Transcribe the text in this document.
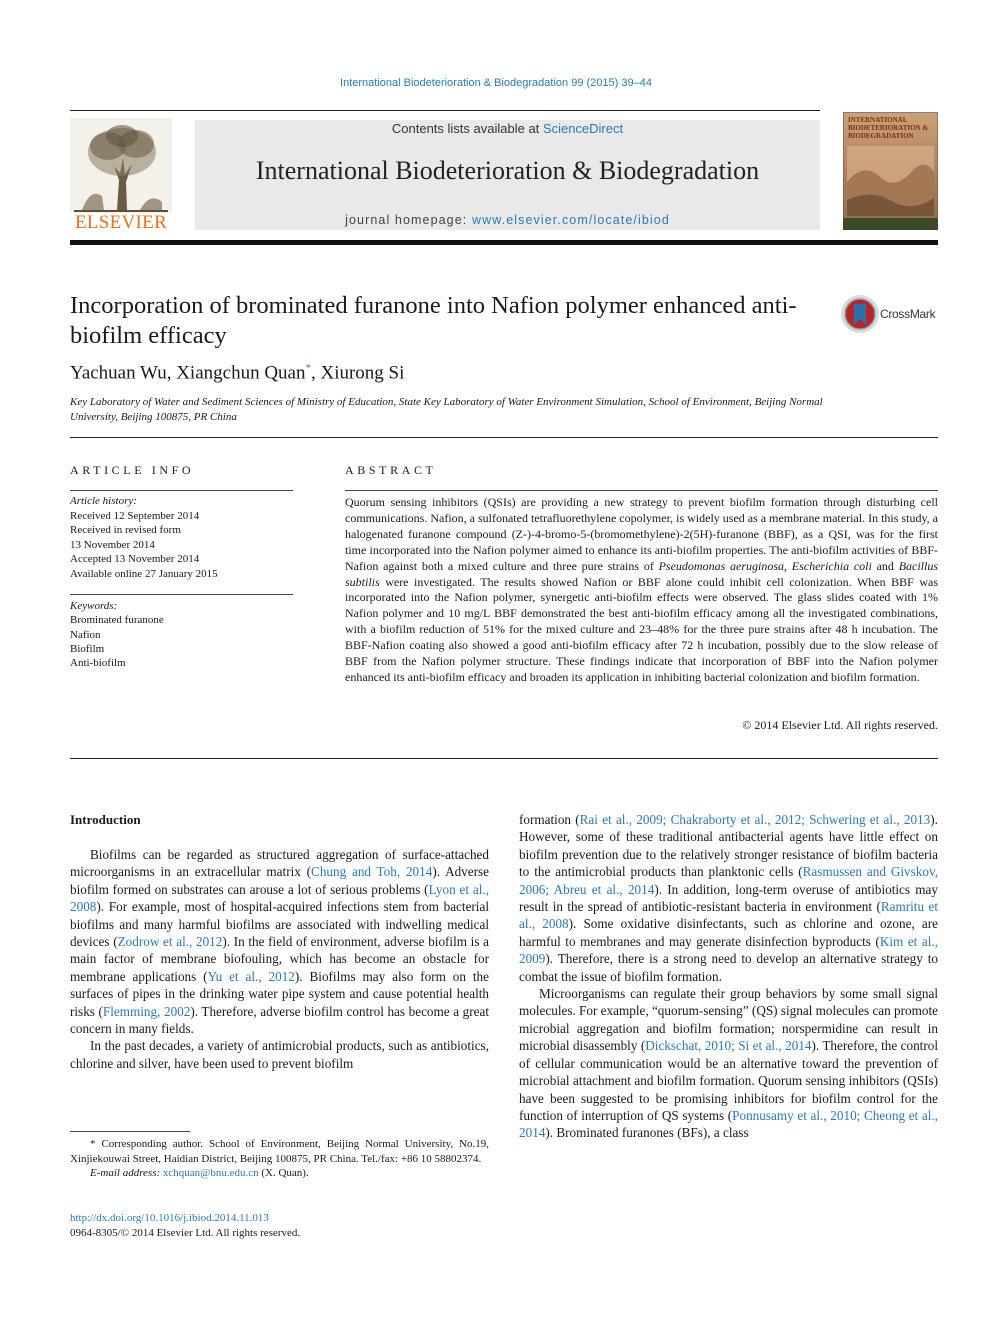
International Biodeterioration & Biodegradation 99 (2015) 39–44
ELSEVIER
Contents lists available at ScienceDirect
International Biodeterioration & Biodegradation
journal homepage: www.elsevier.com/locate/ibiod
INTERNATIONAL BIODETERIORATION & BIODEGRADATION
Incorporation of brominated furanone into Nafion polymer enhanced anti-biofilm efficacy
CrossMark
Yachuan Wu, Xiangchun Quan*, Xiurong Si
Key Laboratory of Water and Sediment Sciences of Ministry of Education, State Key Laboratory of Water Environment Simulation, School of Environment, Beijing Normal University, Beijing 100875, PR China
ARTICLE INFO
Article history:
Received 12 September 2014
Received in revised form
13 November 2014
Accepted 13 November 2014
Available online 27 January 2015
Keywords:
Brominated furanone
Nafion
Biofilm
Anti-biofilm
ABSTRACT
Quorum sensing inhibitors (QSIs) are providing a new strategy to prevent biofilm formation through disturbing cell communications. Nafion, a sulfonated tetrafluorethylene copolymer, is widely used as a membrane material. In this study, a halogenated furanone compound (Z-)-4-bromo-5-(bromomethylene)-2(5H)-furanone (BBF), as a QSI, was for the first time incorporated into the Nafion polymer aimed to enhance its anti-biofilm properties. The anti-biofilm activities of BBF-Nafion against both a mixed culture and three pure strains of Pseudomonas aeruginosa, Escherichia coli and Bacillus subtilis were investigated. The results showed Nafion or BBF alone could inhibit cell colonization. When BBF was incorporated into the Nafion polymer, synergetic anti-biofilm effects were observed. The glass slides coated with 1% Nafion polymer and 10 mg/L BBF demonstrated the best anti-biofilm efficacy among all the investigated combinations, with a biofilm reduction of 51% for the mixed culture and 23–48% for the three pure strains after 48 h incubation. The BBF-Nafion coating also showed a good anti-biofilm efficacy after 72 h incubation, possibly due to the slow release of BBF from the Nafion polymer structure. These findings indicate that incorporation of BBF into the Nafion polymer enhanced its anti-biofilm efficacy and broaden its application in inhibiting bacterial colonization and biofilm formation.
© 2014 Elsevier Ltd. All rights reserved.
Introduction

Biofilms can be regarded as structured aggregation of surface-attached microorganisms in an extracellular matrix (Chung and Toh, 2014). Adverse biofilm formed on substrates can arouse a lot of serious problems (Lyon et al., 2008). For example, most of hospital-acquired infections stem from bacterial biofilms and many harmful biofilms are associated with indwelling medical devices (Zodrow et al., 2012). In the field of environment, adverse biofilm is a main factor of membrane biofouling, which has become an obstacle for membrane applications (Yu et al., 2012). Biofilms may also form on the surfaces of pipes in the drinking water pipe system and cause potential health risks (Flemming, 2002). Therefore, adverse biofilm control has become a great concern in many fields.

In the past decades, a variety of antimicrobial products, such as antibiotics, chlorine and silver, have been used to prevent biofilm

formation (Rai et al., 2009; Chakraborty et al., 2012; Schwering et al., 2013). However, some of these traditional antibacterial agents have little effect on biofilm prevention due to the relatively stronger resistance of biofilm bacteria to the antimicrobial products than planktonic cells (Rasmussen and Givskov, 2006; Abreu et al., 2014). In addition, long-term overuse of antibiotics may result in the spread of antibiotic-resistant bacteria in environment (Ramritu et al., 2008). Some oxidative disinfectants, such as chlorine and ozone, are harmful to membranes and may generate disinfection byproducts (Kim et al., 2009). Therefore, there is a strong need to develop an alternative strategy to combat the issue of biofilm formation.

Microorganisms can regulate their group behaviors by some small signal molecules. For example, “quorum-sensing” (QS) signal molecules can promote microbial aggregation and biofilm formation; norspermidine can result in microbial disassembly (Dickschat, 2010; Si et al., 2014). Therefore, the control of cellular communication would be an alternative toward the prevention of microbial attachment and biofilm formation. Quorum sensing inhibitors (QSIs) have been suggested to be promising inhibitors for biofilm control for the function of interruption of QS systems (Ponnusamy et al., 2010; Cheong et al., 2014). Brominated furanones (BFs), a class

* Corresponding author. School of Environment, Beijing Normal University, No.19, Xinjiekouwai Street, Haidian District, Beijing 100875, PR China. Tel./fax: +86 10 58802374.

E-mail address: xchquan@bnu.edu.cn (X. Quan).

http://dx.doi.org/10.1016/j.ibiod.2014.11.013
0964-8305/© 2014 Elsevier Ltd. All rights reserved.
